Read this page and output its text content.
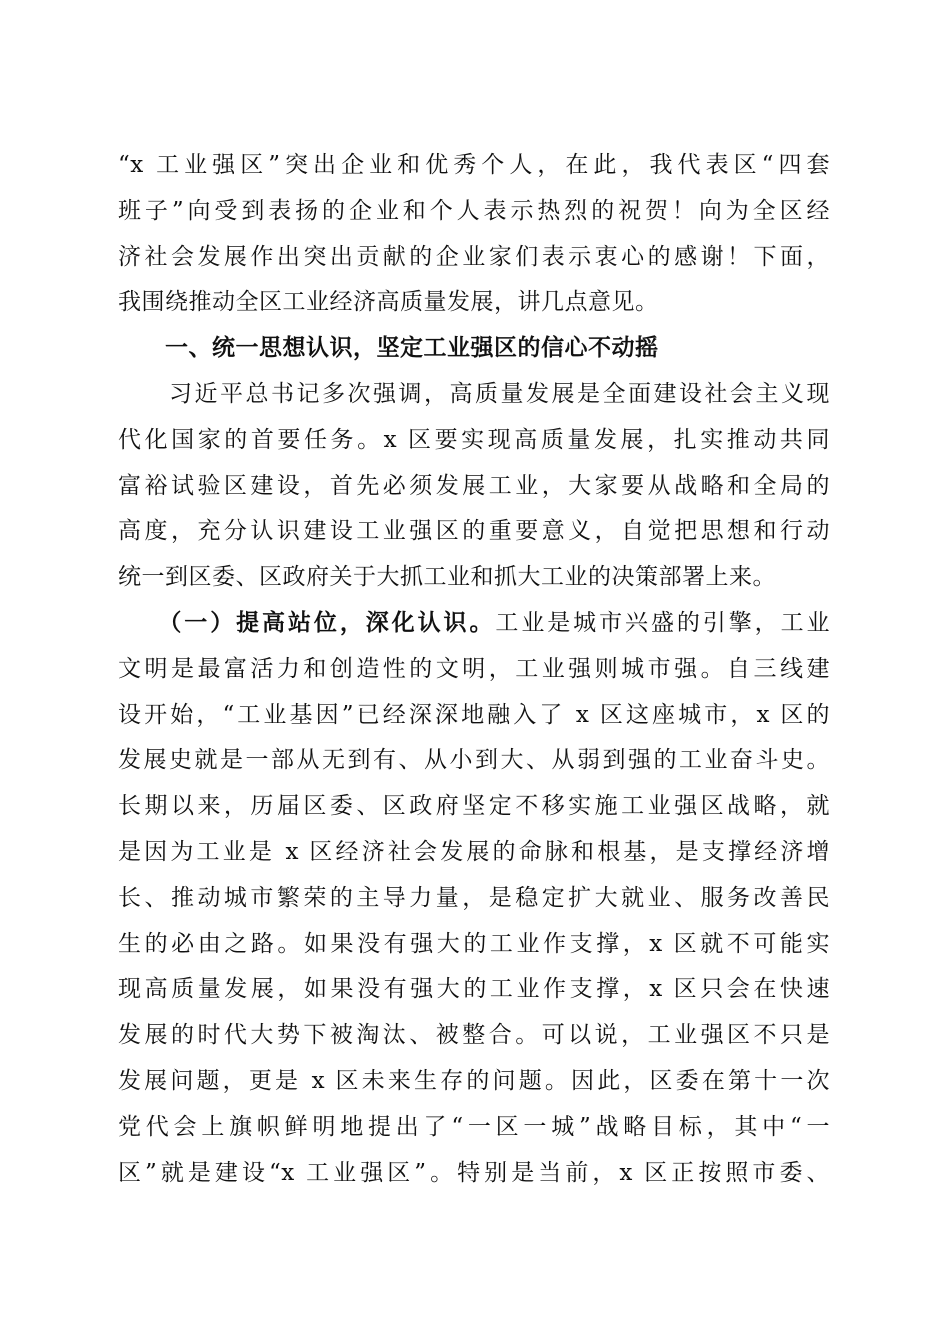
“x 工业强区”突出企业和优秀个人，在此，我代表区“四套
班子”向受到表扬的企业和个人表示热烈的祝贺！向为全区经
济社会发展作出突出贡献的企业家们表示衷心的感谢！下面，
我围绕推动全区工业经济高质量发展，讲几点意见。
　　一、统一思想认识，坚定工业强区的信心不动摇
　　习近平总书记多次强调，高质量发展是全面建设社会主义现
代化国家的首要任务。x 区要实现高质量发展，扎实推动共同
富裕试验区建设，首先必须发展工业，大家要从战略和全局的
高度，充分认识建设工业强区的重要意义，自觉把思想和行动
统一到区委、区政府关于大抓工业和抓大工业的决策部署上来。
　　（一）提高站位，深化认识。工业是城市兴盛的引擎，工业
文明是最富活力和创造性的文明，工业强则城市强。自三线建
设开始，“工业基因”已经深深地融入了 x 区这座城市，x 区的
发展史就是一部从无到有、从小到大、从弱到强的工业奋斗史。
长期以来，历届区委、区政府坚定不移实施工业强区战略，就
是因为工业是 x 区经济社会发展的命脉和根基，是支撑经济增
长、推动城市繁荣的主导力量，是稳定扩大就业、服务改善民
生的必由之路。如果没有强大的工业作支撑，x 区就不可能实
现高质量发展，如果没有强大的工业作支撑，x 区只会在快速
发展的时代大势下被淘汰、被整合。可以说，工业强区不只是
发展问题，更是 x 区未来生存的问题。因此，区委在第十一次
党代会上旗帜鲜明地提出了“一区一城”战略目标，其中“一
区”就是建设“x 工业强区”。特别是当前，x 区正按照市委、
